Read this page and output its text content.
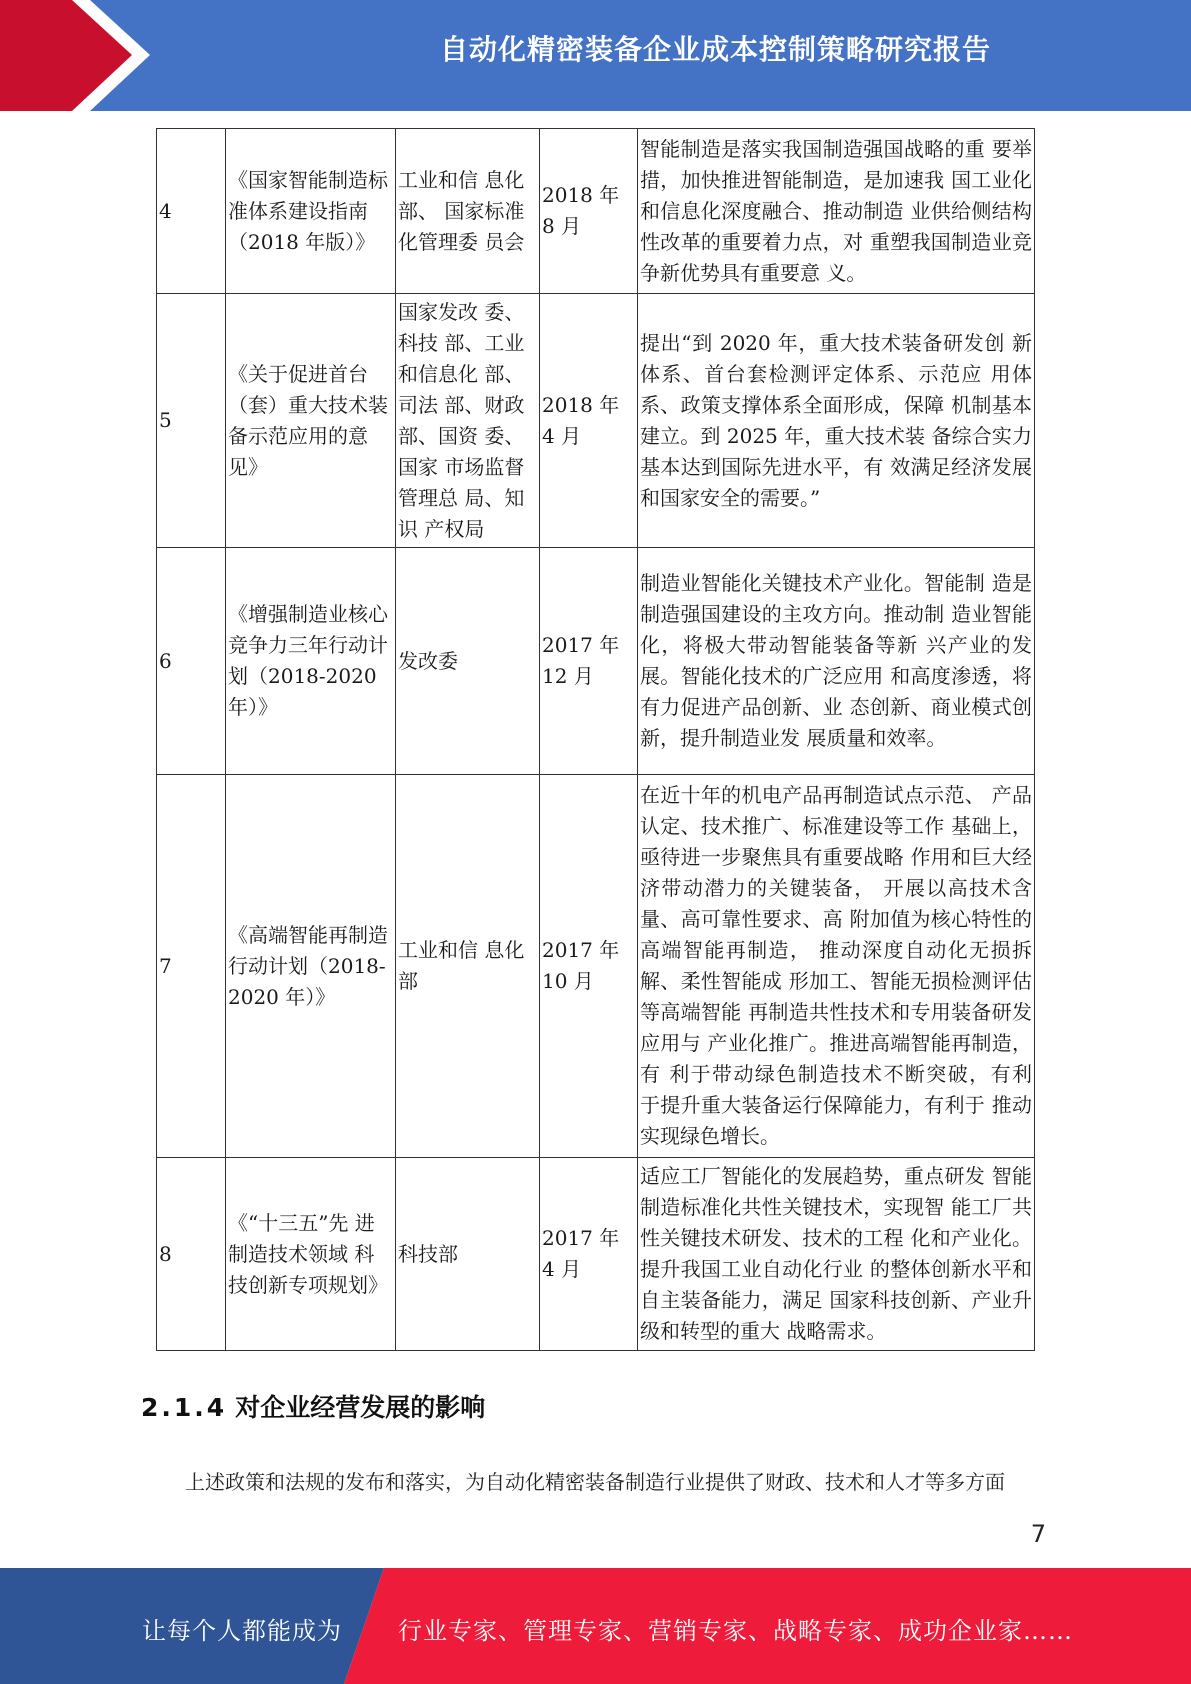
自动化精密装备企业成本控制策略研究报告
4	《国家智能制造标准体系建设指南（2018 年版）》	工业和信 息化部、 国家标准化管理委 员会	2018 年 8 月	智能制造是落实我国制造强国战略的重 要举措，加快推进智能制造，是加速我 国工业化和信息化深度融合、推动制造 业供给侧结构性改革的重要着力点，对 重塑我国制造业竞争新优势具有重要意 义。
5	《关于促进首台（套）重大技术装备示范应用的意见》	国家发改 委、科技 部、工业和信息化 部、司法 部、财政部、国资 委、国家 市场监督管理总 局、知识 产权局	2018 年 4 月	提出“到 2020 年，重大技术装备研发创 新体系、首台套检测评定体系、示范应 用体系、政策支撑体系全面形成，保障 机制基本建立。到 2025 年，重大技术装 备综合实力基本达到国际先进水平，有 效满足经济发展和国家安全的需要。”
6	《增强制造业核心竞争力三年行动计划（2018-2020 年）》	发改委	2017 年 12 月	制造业智能化关键技术产业化。智能制 造是制造强国建设的主攻方向。推动制 造业智能化，将极大带动智能装备等新 兴产业的发展。智能化技术的广泛应用 和高度渗透，将有力促进产品创新、业 态创新、商业模式创新，提升制造业发 展质量和效率。
7	《高端智能再制造行动计划（2018-2020 年）》	工业和信 息化部	2017 年 10 月	在近十年的机电产品再制造试点示范、 产品认定、技术推广、标准建设等工作 基础上，亟待进一步聚焦具有重要战略 作用和巨大经济带动潜力的关键装备， 开展以高技术含量、高可靠性要求、高 附加值为核心特性的高端智能再制造， 推动深度自动化无损拆解、柔性智能成 形加工、智能无损检测评估等高端智能 再制造共性技术和专用装备研发应用与 产业化推广。推进高端智能再制造，有 利于带动绿色制造技术不断突破，有利 于提升重大装备运行保障能力，有利于 推动实现绿色增长。
8	《“十三五”先 进制造技术领域 科技创新专项规划》	科技部	2017 年 4 月	适应工厂智能化的发展趋势，重点研发 智能制造标准化共性关键技术，实现智 能工厂共性关键技术研发、技术的工程 化和产业化。提升我国工业自动化行业 的整体创新水平和自主装备能力，满足 国家科技创新、产业升级和转型的重大 战略需求。
2.1.4 对企业经营发展的影响
上述政策和法规的发布和落实，为自动化精密装备制造行业提供了财政、技术和人才等多方面
7
让每个人都能成为 行业专家、管理专家、营销专家、战略专家、成功企业家……
